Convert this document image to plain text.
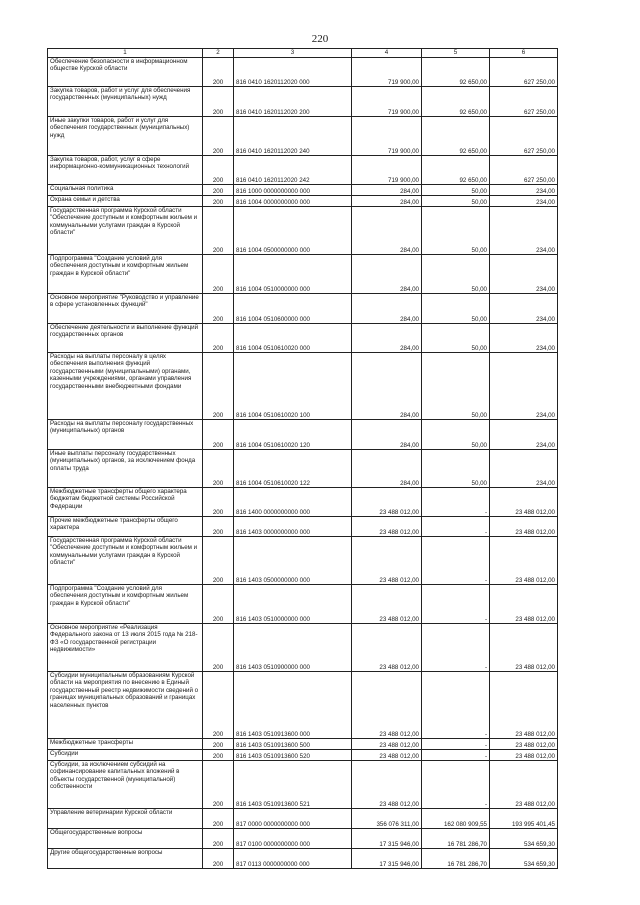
220
1	2	3	4	5	6
Обеспечение безопасности в информационном обществе Курской области	200	816 0410 1620112020 000	719 900,00	92 650,00	627 250,00
Закупка товаров, работ и услуг для обеспечения государственных (муниципальных) нужд	200	816 0410 1620112020 200	719 900,00	92 650,00	627 250,00
Иные закупки товаров, работ и услуг для обеспечения государственных (муниципальных) нужд	200	816 0410 1620112020 240	719 900,00	92 650,00	627 250,00
Закупка товаров, работ, услуг в сфере информационно-коммуникационных технологий	200	816 0410 1620112020 242	719 900,00	92 650,00	627 250,00
Социальная политика	200	816 1000 0000000000 000	284,00	50,00	234,00
Охрана семьи и детства	200	816 1004 0000000000 000	284,00	50,00	234,00
Государственная программа Курской области "Обеспечение доступным и комфортным жильем и коммунальными услугами граждан в Курской области"	200	816 1004 0500000000 000	284,00	50,00	234,00
Подпрограмма "Создание условий для обеспечения доступным и комфортным жильем граждан в Курской области"	200	816 1004 0510000000 000	284,00	50,00	234,00
Основное мероприятие "Руководство и управление в сфере установленных функций"	200	816 1004 0510600000 000	284,00	50,00	234,00
Обеспечение деятельности и выполнение функций государственных органов	200	816 1004 0510610020 000	284,00	50,00	234,00
Расходы на выплаты персоналу в целях обеспечения выполнения функций государственными (муниципальными) органами, казенными учреждениями, органами управления государственными внебюджетными фондами	200	816 1004 0510610020 100	284,00	50,00	234,00
Расходы на выплаты персоналу государственных (муниципальных) органов	200	816 1004 0510610020 120	284,00	50,00	234,00
Иные выплаты персоналу государственных (муниципальных) органов, за исключением фонда оплаты труда	200	816 1004 0510610020 122	284,00	50,00	234,00
Межбюджетные трансферты общего характера бюджетам бюджетной системы Российской Федерации	200	816 1400 0000000000 000	23 488 012,00	-	23 488 012,00
Прочие межбюджетные трансферты общего характера	200	816 1403 0000000000 000	23 488 012,00	-	23 488 012,00
Государственная программа Курской области "Обеспечение доступным и комфортным жильем и коммунальными услугами граждан в Курской области"	200	816 1403 0500000000 000	23 488 012,00	-	23 488 012,00
Подпрограмма "Создание условий для обеспечения доступным и комфортным жильем граждан в Курской области"	200	816 1403 0510000000 000	23 488 012,00	-	23 488 012,00
Основное мероприятие «Реализация Федерального закона от 13 июля 2015 года № 218-ФЗ «О государственной регистрации недвижимости»	200	816 1403 0510900000 000	23 488 012,00	-	23 488 012,00
Субсидии муниципальным образованиям Курской области на мероприятия по внесению в Единый государственный реестр недвижимости сведений о границах муниципальных образований и границах населенных пунктов	200	816 1403 0510913600 000	23 488 012,00	-	23 488 012,00
Межбюджетные трансферты	200	816 1403 0510913600 500	23 488 012,00	-	23 488 012,00
Субсидии	200	816 1403 0510913600 520	23 488 012,00	-	23 488 012,00
Субсидии, за исключением субсидий на софинансирование капитальных вложений в объекты государственной (муниципальной) собственности	200	816 1403 0510913600 521	23 488 012,00	-	23 488 012,00
Управление ветеринарии Курской области	200	817 0000 0000000000 000	356 076 311,00	162 080 909,55	193 995 401,45
Общегосударственные вопросы	200	817 0100 0000000000 000	17 315 946,00	16 781 286,70	534 659,30
Другие общегосударственные вопросы	200	817 0113 0000000000 000	17 315 946,00	16 781 286,70	534 659,30
